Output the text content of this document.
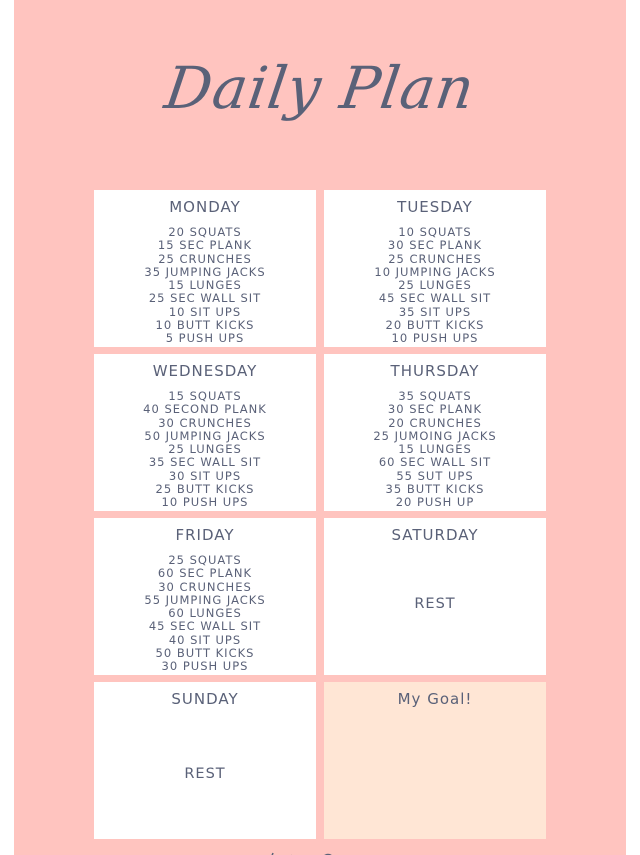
Daily Plan
MONDAY
20 SQUATS
15 SEC PLANK
25 CRUNCHES
35 JUMPING JACKS
15 LUNGES
25 SEC WALL SIT
10 SIT UPS
10 BUTT KICKS
5 PUSH UPS
TUESDAY
10 SQUATS
30 SEC PLANK
25 CRUNCHES
10 JUMPING JACKS
25 LUNGES
45 SEC WALL SIT
35 SIT UPS
20 BUTT KICKS
10 PUSH UPS
WEDNESDAY
15 SQUATS
40 SECOND PLANK
30 CRUNCHES
50 JUMPING JACKS
25 LUNGES
35 SEC WALL SIT
30 SIT UPS
25 BUTT KICKS
10 PUSH UPS
THURSDAY
35 SQUATS
30 SEC PLANK
20 CRUNCHES
25 JUMOING JACKS
15 LUNGES
60 SEC WALL SIT
55 SUT UPS
35 BUTT KICKS
20 PUSH UP
FRIDAY
25 SQUATS
60 SEC PLANK
30 CRUNCHES
55 JUMPING JACKS
60 LUNGES
45 SEC WALL SIT
40 SIT UPS
50 BUTT KICKS
30 PUSH UPS
SATURDAY
REST
SUNDAY
REST
My Goal!
